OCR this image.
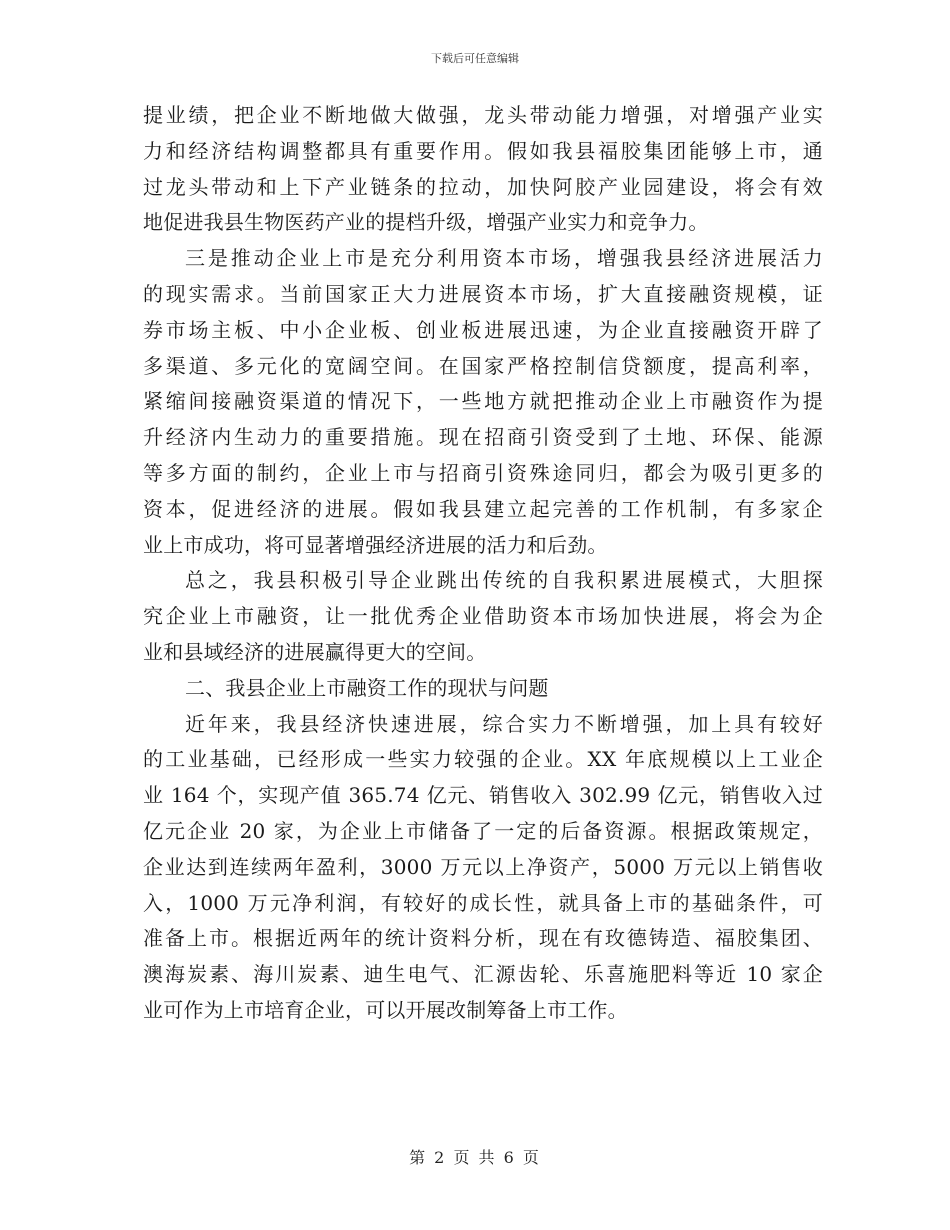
下载后可任意编辑
提业绩，把企业不断地做大做强，龙头带动能力增强，对增强产业实
力和经济结构调整都具有重要作用。假如我县福胶集团能够上市，通
过龙头带动和上下产业链条的拉动，加快阿胶产业园建设，将会有效
地促进我县生物医药产业的提档升级，增强产业实力和竞争力。
三是推动企业上市是充分利用资本市场，增强我县经济进展活力
的现实需求。当前国家正大力进展资本市场，扩大直接融资规模，证
券市场主板、中小企业板、创业板进展迅速，为企业直接融资开辟了
多渠道、多元化的宽阔空间。在国家严格控制信贷额度，提高利率，
紧缩间接融资渠道的情况下，一些地方就把推动企业上市融资作为提
升经济内生动力的重要措施。现在招商引资受到了土地、环保、能源
等多方面的制约，企业上市与招商引资殊途同归，都会为吸引更多的
资本，促进经济的进展。假如我县建立起完善的工作机制，有多家企
业上市成功，将可显著增强经济进展的活力和后劲。
总之，我县积极引导企业跳出传统的自我积累进展模式，大胆探
究企业上市融资，让一批优秀企业借助资本市场加快进展，将会为企
业和县域经济的进展赢得更大的空间。
二、我县企业上市融资工作的现状与问题
近年来，我县经济快速进展，综合实力不断增强，加上具有较好
的工业基础，已经形成一些实力较强的企业。XX 年底规模以上工业企
业 164 个，实现产值 365.74 亿元、销售收入 302.99 亿元，销售收入过
亿元企业 20 家，为企业上市储备了一定的后备资源。根据政策规定，
企业达到连续两年盈利，3000 万元以上净资产，5000 万元以上销售收
入，1000 万元净利润，有较好的成长性，就具备上市的基础条件，可
准备上市。根据近两年的统计资料分析，现在有玫德铸造、福胶集团、
澳海炭素、海川炭素、迪生电气、汇源齿轮、乐喜施肥料等近 10 家企
业可作为上市培育企业，可以开展改制筹备上市工作。
第 2 页 共 6 页
